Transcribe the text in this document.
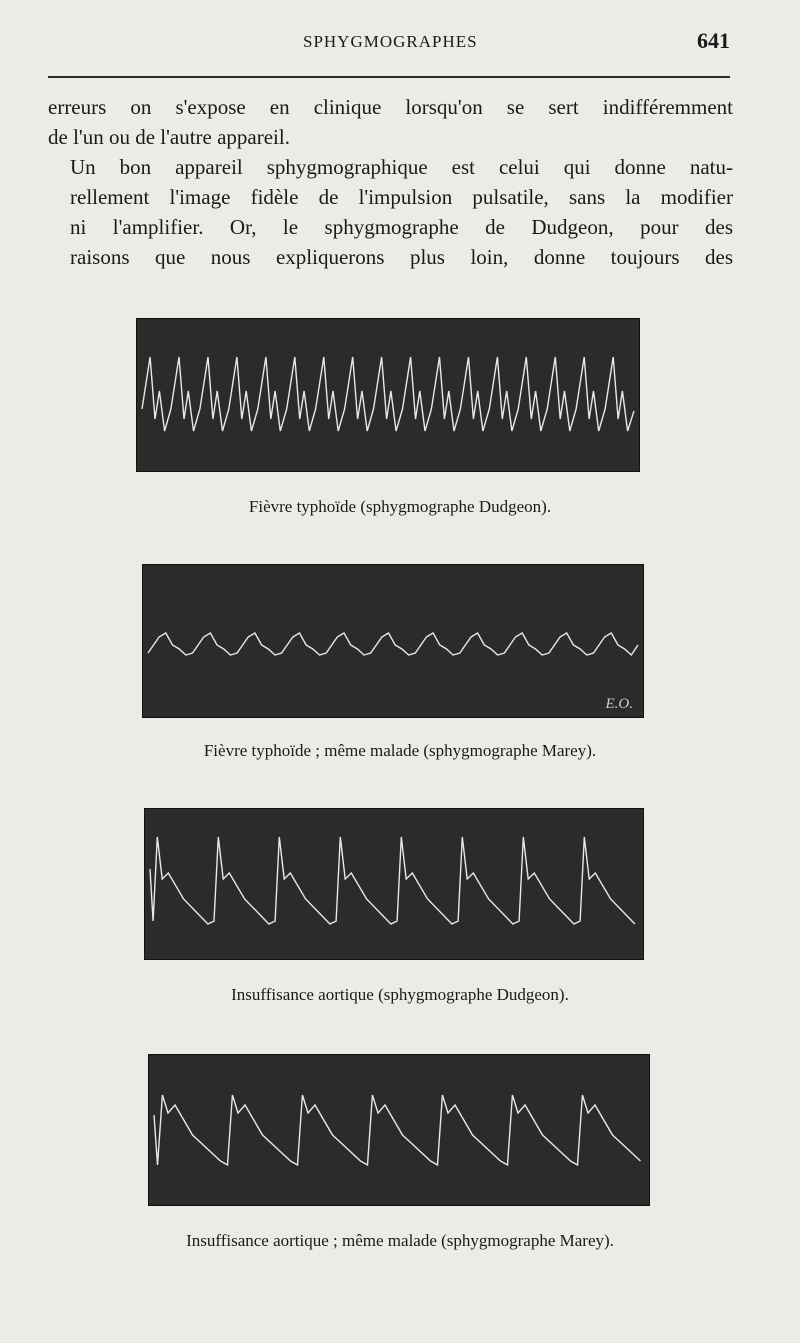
SPHYGMOGRAPHES	641

erreurs on s'expose en clinique lorsqu'on se sert indifféremment
de l'un ou de l'autre appareil.

Un bon appareil sphygmographique est celui qui donne natu-
rellement l'image fidèle de l'impulsion pulsatile, sans la modifier
ni l'amplifier. Or, le sphygmographe de Dudgeon, pour des
raisons que nous expliquerons plus loin, donne toujours des

Fièvre typhoïde (sphygmographe Dudgeon).
E.O.
Fièvre typhoïde ; même malade (sphygmographe Marey).
Insuffisance aortique (sphygmographe Dudgeon).
Insuffisance aortique ; même malade (sphygmographe Marey).
